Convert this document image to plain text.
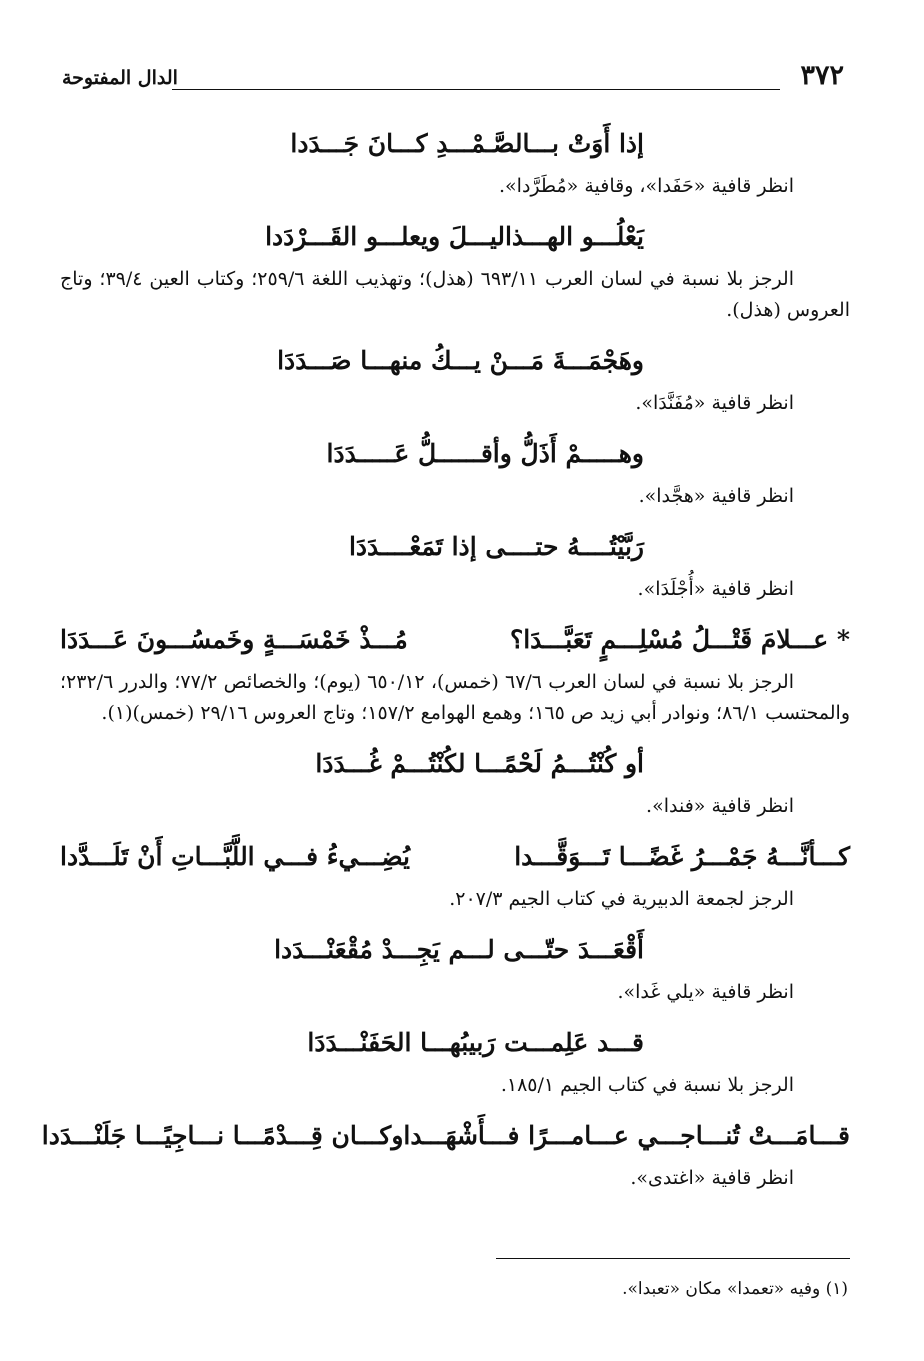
٣٧٢
الدال المفتوحة
إذا أَوَتْ بـــالصَّـمْـــدِ كـــانَ جَـــدَدا
انظر قافية «حَفَدا»، وقافية «مُطَرَّدا».
يَعْلُـــو الهـــذاليـــلَ ويعلـــو القَـــرْدَدا
الرجز بلا نسبة في لسان العرب ٦٩٣/١١ (هذل)؛ وتهذيب اللغة ٢٥٩/٦؛ وكتاب العين ٣٩/٤؛ وتاج العروس (هذل).
وهَجْمَـــةَ مَـــنْ يـــكُ منهـــا صَـــدَدَا
انظر قافية «مُفَنَّدَا».
وهـــــمْ أَذَلُّ وأقــــــلُّ عَـــــدَدَا
انظر قافية «هجَّدا».
رَبَّيْتُــــهُ حتــــى إذا تَمَعْــــدَدَا
انظر قافية «أُجْلَدَا».
* عـــلامَ قَتْـــلُ مُسْلِـــمٍ تَعَبَّـــدَا؟
مُـــذْ خَمْسَـــةٍ وخَمسُـــونَ عَـــدَدَا
الرجز بلا نسبة في لسان العرب ٦٧/٦ (خمس)، ٦٥٠/١٢ (يوم)؛ والخصائص ٧٧/٢؛ والدرر ٢٣٢/٦؛ والمحتسب ٨٦/١؛ ونوادر أبي زيد ص ١٦٥؛ وهمع الهوامع ١٥٧/٢؛ وتاج العروس ٢٩/١٦ (خمس)(١).
أو كُنْتُـــمُ لَحْمًـــا لكُنْتُـــمْ غُـــدَدَا
انظر قافية «فندا».
كـــأنَّـــهُ جَمْـــرُ غَضًـــا تَـــوَقَّـــدا
يُضِـــيءُ فـــي اللَّبَّـــاتِ أَنْ تَلَـــدَّدا
الرجز لجمعة الدبيرية في كتاب الجيم ٢٠٧/٣.
أَقْعَـــدَ حتّـــى لـــم يَجِـــدْ مُقْعَنْـــدَدا
انظر قافية «يلي غَدا».
قـــد عَلِمـــت رَبيبُهـــا الحَفَنْـــدَدَا
الرجز بلا نسبة في كتاب الجيم ١٨٥/١.
قـــامَـــتْ تُنـــاجـــي عـــامـــرًا فـــأَشْهَـــدا
وكـــان قِـــدْمًـــا نـــاجِيًـــا جَلَنْـــدَدا
انظر قافية «اغتدى».
(١) وفيه «تعمدا» مكان «تعبدا».
